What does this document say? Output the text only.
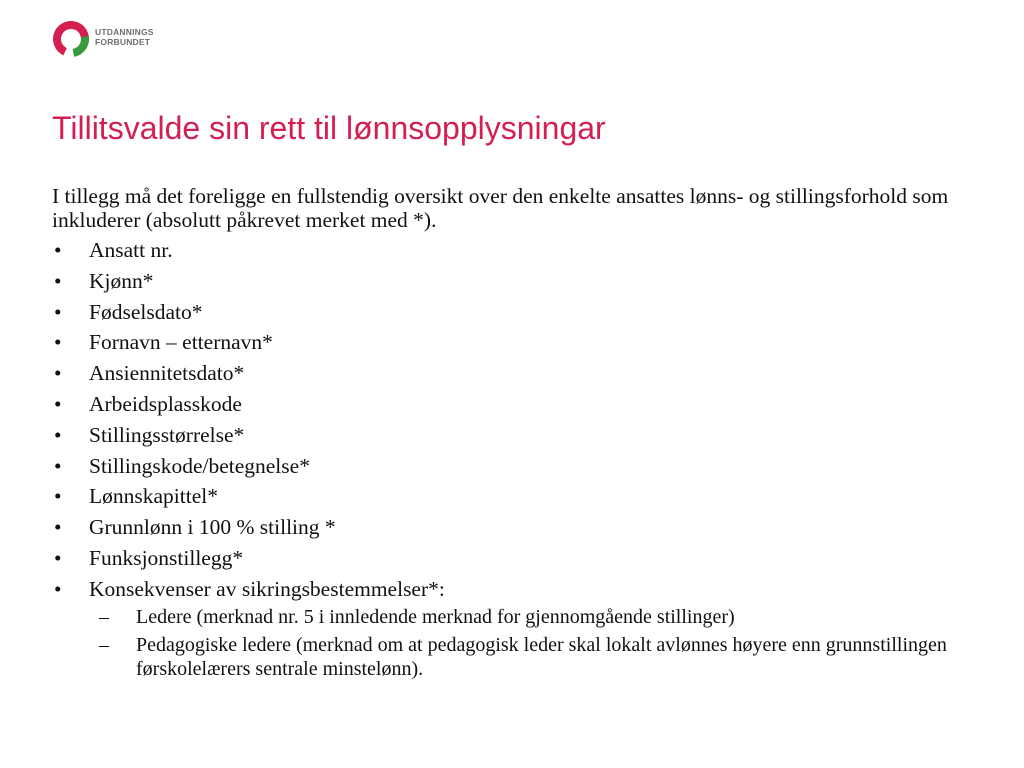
UTDANNINGS
FORBUNDET
Tillitsvalde sin rett til lønnsopplysningar

I tillegg må det foreligge en fullstendig oversikt over den enkelte ansattes lønns- og stillingsforhold som inkluderer (absolutt påkrevet merket med *).

• Ansatt nr.
• Kjønn*
• Fødselsdato*
• Fornavn – etternavn*
• Ansiennitetsdato*
• Arbeidsplasskode
• Stillingsstørrelse*
• Stillingskode/betegnelse*
• Lønnskapittel*
• Grunnlønn i 100 % stilling *
• Funksjonstillegg*
• Konsekvenser av sikringsbestemmelser*:
– Ledere (merknad nr. 5 i innledende merknad for gjennomgående stillinger)
– Pedagogiske ledere (merknad om at pedagogisk leder skal lokalt avlønnes høyere enn grunnstillingen førskolelærers sentrale minstelønn).
